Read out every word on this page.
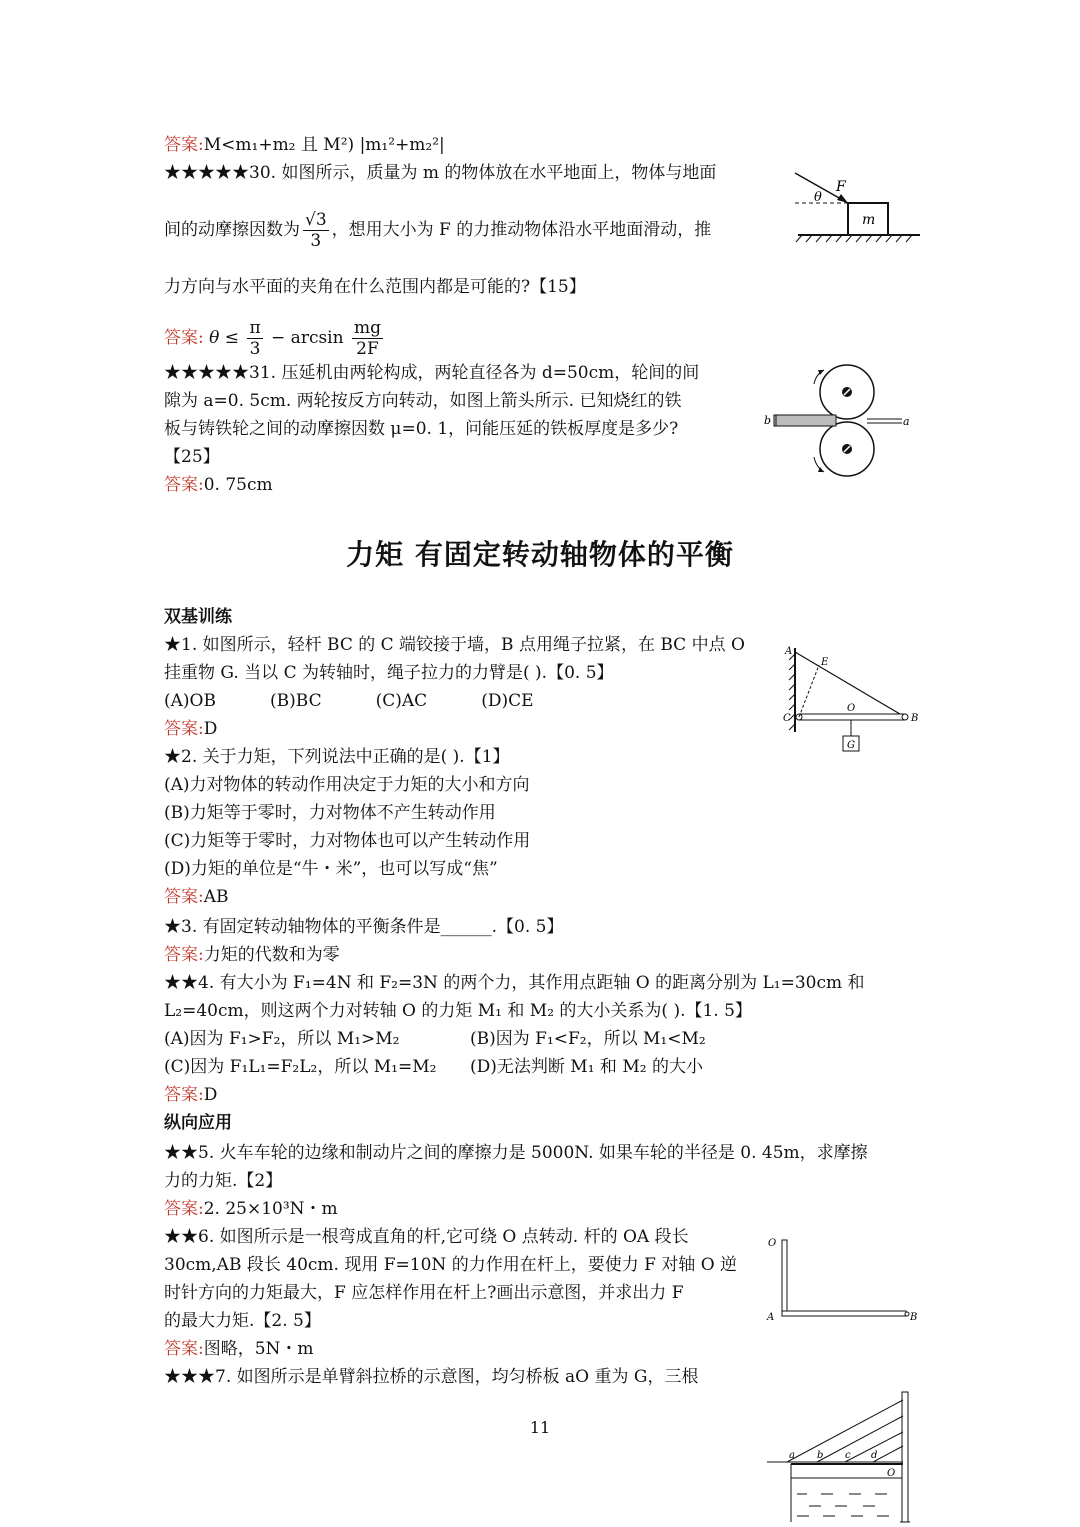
答案:M<m₁+m₂ 且 M²) |m₁²+m₂²|
★★★★★30. 如图所示，质量为 m 的物体放在水平地面上，物体与地面
间的动摩擦因数为 $\frac{√3}{3}$ ，想用大小为 F 的力推动物体沿水平地面滑动，推
力方向与水平面的夹角在什么范围内都是可能的?【15】
答案: $\theta \le \frac{\pi}{3} - \arcsin \frac{mg}{2F}$
★★★★★31. 压延机由两轮构成，两轮直径各为 d=50cm，轮间的间
隙为 a=0. 5cm. 两轮按反方向转动，如图上箭头所示. 已知烧红的铁
板与铸铁轮之间的动摩擦因数 μ=0. 1，问能压延的铁板厚度是多少?
【25】
答案:0. 75cm
力矩 有固定转动轴物体的平衡
双基训练
★1. 如图所示，轻杆 BC 的 C 端铰接于墙，B 点用绳子拉紧，在 BC 中点 O
挂重物 G. 当以 C 为转轴时，绳子拉力的力臂是( ).【0. 5】
(A)OB          (B)BC          (C)AC          (D)CE
答案:D
★2. 关于力矩，下列说法中正确的是( ).【1】
(A)力对物体的转动作用决定于力矩的大小和方向
(B)力矩等于零时，力对物体不产生转动作用
(C)力矩等于零时，力对物体也可以产生转动作用
(D)力矩的单位是“牛・米”，也可以写成“焦”
答案:AB
★3. 有固定转动轴物体的平衡条件是______.【0. 5】
答案:力矩的代数和为零
★★4. 有大小为 F₁=4N 和 F₂=3N 的两个力，其作用点距轴 O 的距离分别为 L₁=30cm 和
L₂=40cm，则这两个力对转轴 O 的力矩 M₁ 和 M₂ 的大小关系为( ).【1. 5】
(A)因为 F₁>F₂，所以 M₁>M₂	(B)因为 F₁<F₂，所以 M₁<M₂
(C)因为 F₁L₁=F₂L₂，所以 M₁=M₂ (D)无法判断 M₁ 和 M₂ 的大小
答案:D
纵向应用
★★5. 火车车轮的边缘和制动片之间的摩擦力是 5000N. 如果车轮的半径是 0. 45m，求摩擦
力的力矩.【2】
答案:2. 25×10³N・m
★★6. 如图所示是一根弯成直角的杆,它可绕 O 点转动. 杆的 OA 段长
30cm,AB 段长 40cm. 现用 F=10N 的力作用在杆上，要使力 F 对轴 O 逆
时针方向的力矩最大，F 应怎样作用在杆上?画出示意图，并求出力 F
的最大力矩.【2. 5】
答案:图略，5N・m
★★★7. 如图所示是单臂斜拉桥的示意图，均匀桥板 aO 重为 G，三根
11
F
θ
m
b	a
G
A
E
C
O
B
O
A	B
a b c d
O
